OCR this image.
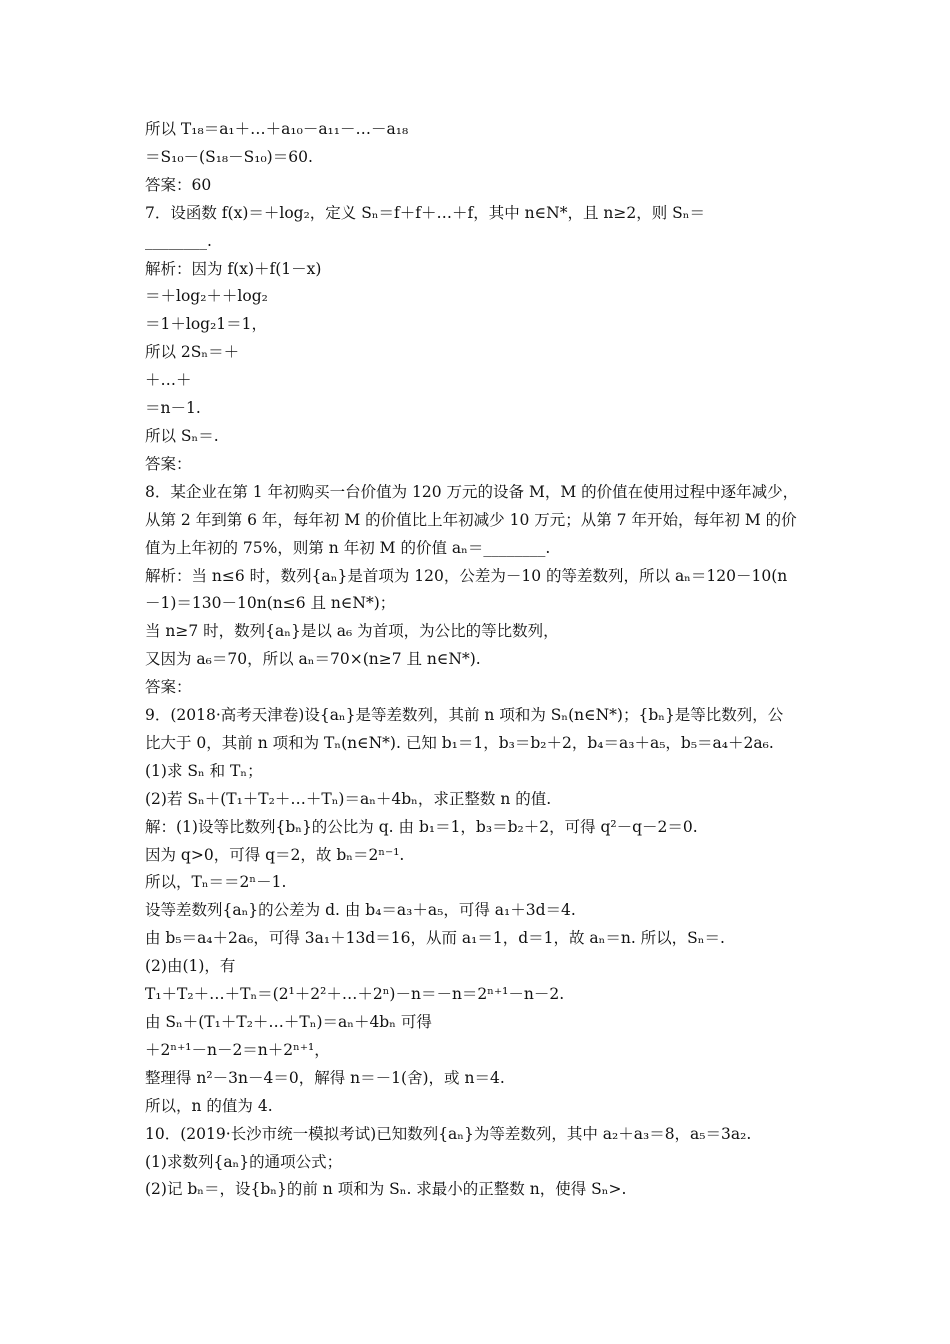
所以 T₁₈＝a₁＋…＋a₁₀－a₁₁－…－a₁₈
＝S₁₀－(S₁₈－S₁₀)＝60.
答案：60
7．设函数 f(x)＝＋log₂，定义 Sₙ＝f＋f＋…＋f，其中 n∈N*，且 n≥2，则 Sₙ＝
________.
解析：因为 f(x)＋f(1－x)
＝＋log₂＋＋log₂
＝1＋log₂1＝1，
所以 2Sₙ＝＋
＋…＋
＝n－1.
所以 Sₙ＝.
答案：
8．某企业在第 1 年初购买一台价值为 120 万元的设备 M，M 的价值在使用过程中逐年减少，
从第 2 年到第 6 年，每年初 M 的价值比上年初减少 10 万元；从第 7 年开始，每年初 M 的价
值为上年初的 75%，则第 n 年初 M 的价值 aₙ＝________.
解析：当 n≤6 时，数列{aₙ}是首项为 120，公差为－10 的等差数列，所以 aₙ＝120－10(n
－1)＝130－10n(n≤6 且 n∈N*)；
当 n≥7 时，数列{aₙ}是以 a₆ 为首项，为公比的等比数列，
又因为 a₆＝70，所以 aₙ＝70×(n≥7 且 n∈N*).
答案：
9．(2018·高考天津卷)设{aₙ}是等差数列，其前 n 项和为 Sₙ(n∈N*)；{bₙ}是等比数列，公
比大于 0，其前 n 项和为 Tₙ(n∈N*). 已知 b₁＝1，b₃＝b₂＋2，b₄＝a₃＋a₅，b₅＝a₄＋2a₆.
(1)求 Sₙ 和 Tₙ；
(2)若 Sₙ＋(T₁＋T₂＋…＋Tₙ)＝aₙ＋4bₙ，求正整数 n 的值.
解：(1)设等比数列{bₙ}的公比为 q. 由 b₁＝1，b₃＝b₂＋2，可得 q²－q－2＝0.
因为 q>0，可得 q＝2，故 bₙ＝2ⁿ⁻¹.
所以，Tₙ＝＝2ⁿ－1.
设等差数列{aₙ}的公差为 d. 由 b₄＝a₃＋a₅，可得 a₁＋3d＝4.
由 b₅＝a₄＋2a₆，可得 3a₁＋13d＝16，从而 a₁＝1，d＝1，故 aₙ＝n. 所以，Sₙ＝.
(2)由(1)，有
T₁＋T₂＋…＋Tₙ＝(2¹＋2²＋…＋2ⁿ)－n＝－n＝2ⁿ⁺¹－n－2.
由 Sₙ＋(T₁＋T₂＋…＋Tₙ)＝aₙ＋4bₙ 可得
＋2ⁿ⁺¹－n－2＝n＋2ⁿ⁺¹，
整理得 n²－3n－4＝0，解得 n＝－1(舍)，或 n＝4.
所以，n 的值为 4.
10．(2019·长沙市统一模拟考试)已知数列{aₙ}为等差数列，其中 a₂＋a₃＝8，a₅＝3a₂.
(1)求数列{aₙ}的通项公式；
(2)记 bₙ＝，设{bₙ}的前 n 项和为 Sₙ. 求最小的正整数 n，使得 Sₙ>.
